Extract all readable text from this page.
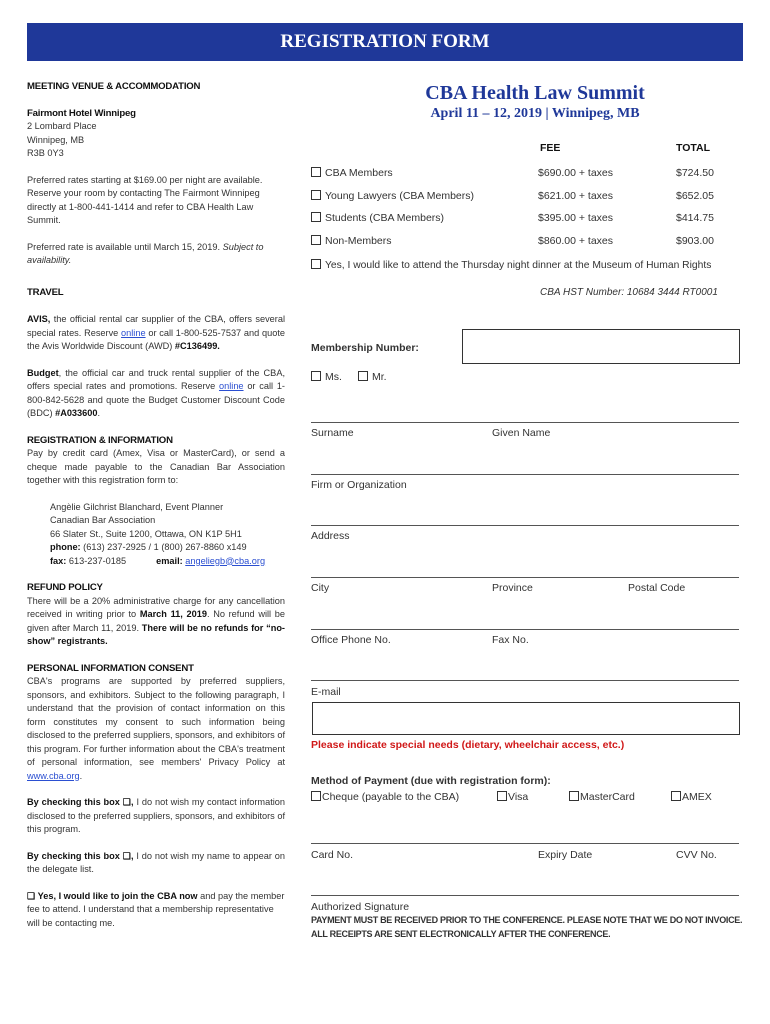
REGISTRATION FORM

MEETING VENUE & ACCOMMODATION

Fairmont Hotel Winnipeg

2 Lombard Place

Winnipeg, MB

R3B 0Y3

Preferred rates starting at $169.00 per night are available. Reserve your room by contacting The Fairmont Winnipeg directly at 1-800-441-1414 and refer to CBA Health Law Summit.

Preferred rate is available until March 15, 2019. Subject to availability.

TRAVEL

AVIS, the official rental car supplier of the CBA, offers several special rates. Reserve online or call 1-800-525-7537 and quote the Avis Worldwide Discount (AWD) #C136499.

Budget, the official car and truck rental supplier of the CBA, offers special rates and promotions. Reserve online or call 1-800-842-5628 and quote the Budget Customer Discount Code (BDC) #A033600.

REGISTRATION & INFORMATION

Pay by credit card (Amex, Visa or MasterCard), or send a cheque made payable to the Canadian Bar Association together with this registration form to:

Angèlie Gilchrist Blanchard, Event Planner

Canadian Bar Association

66 Slater St., Suite 1200, Ottawa, ON K1P 5H1

phone: (613) 237-2925 / 1 (800) 267-8860 x149

fax: 613-237-0185	email: angeliegb@cba.org

REFUND POLICY

There will be a 20% administrative charge for any cancellation received in writing prior to March 11, 2019. No refund will be given after March 11, 2019. There will be no refunds for “no-show” registrants.

PERSONAL INFORMATION CONSENT

CBA's programs are supported by preferred suppliers, sponsors, and exhibitors. Subject to the following paragraph, I understand that the provision of contact information on this form constitutes my consent to such information being disclosed to the preferred suppliers, sponsors, and exhibitors of this program. For further information about the CBA's treatment of personal information, see members' Privacy Policy at www.cba.org.

By checking this box ❑, I do not wish my contact information disclosed to the preferred suppliers, sponsors, and exhibitors of this program.

By checking this box ❑, I do not wish my name to appear on the delegate list.

❑ Yes, I would like to join the CBA now and pay the member fee to attend. I understand that a membership representative will be contacting me.

CBA Health Law Summit
April 11 – 12, 2019 | Winnipeg, MB
FEE	TOTAL
CBA Members	$690.00 + taxes	$724.50
Young Lawyers (CBA Members)	$621.00 + taxes	$652.05
Students (CBA Members)	$395.00 + taxes	$414.75
Non-Members	$860.00 + taxes	$903.00
Yes, I would like to attend the Thursday night dinner at the Museum of Human Rights
CBA HST Number: 10684 3444 RT0001
Membership Number:
Ms.	Mr.
Surname	Given Name
Firm or Organization
Address
City	Province	Postal Code
Office Phone No.	Fax No.
E-mail
Please indicate special needs (dietary, wheelchair access, etc.)
Method of Payment (due with registration form):
Cheque (payable to the CBA)	Visa	MasterCard	AMEX
Card No.	Expiry Date	CVV No.
Authorized Signature
PAYMENT MUST BE RECEIVED PRIOR TO THE CONFERENCE. PLEASE NOTE THAT WE DO NOT INVOICE.
ALL RECEIPTS ARE SENT ELECTRONICALLY AFTER THE CONFERENCE.
